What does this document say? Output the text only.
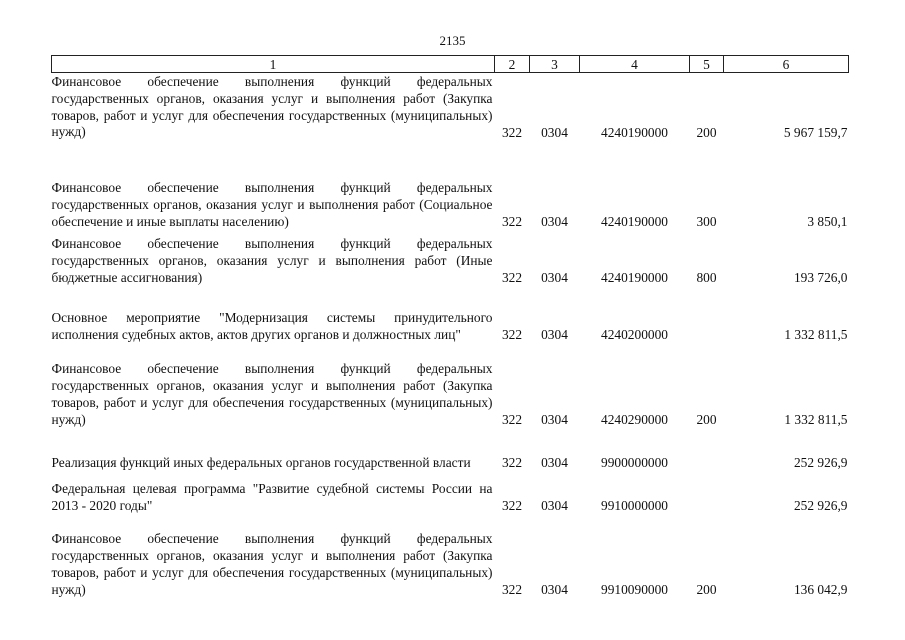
2135
1	2	3	4	5	6
Финансовое обеспечение выполнения функций федеральных государственных органов, оказания услуг и выполнения работ (Закупка товаров, работ и услуг для обеспечения государственных (муниципальных) нужд)	322	0304	4240190000	200	5 967 159,7
Финансовое обеспечение выполнения функций федеральных государственных органов, оказания услуг и выполнения работ (Социальное обеспечение и иные выплаты населению)	322	0304	4240190000	300	3 850,1
Финансовое обеспечение выполнения функций федеральных государственных органов, оказания услуг и выполнения работ (Иные бюджетные ассигнования)	322	0304	4240190000	800	193 726,0
Основное мероприятие "Модернизация системы принудительного исполнения судебных актов, актов других органов и должностных лиц"	322	0304	4240200000		1 332 811,5
Финансовое обеспечение выполнения функций федеральных государственных органов, оказания услуг и выполнения работ (Закупка товаров, работ и услуг для обеспечения государственных (муниципальных) нужд)	322	0304	4240290000	200	1 332 811,5
Реализация функций иных федеральных органов государственной власти	322	0304	9900000000		252 926,9
Федеральная целевая программа "Развитие судебной системы России на 2013 - 2020 годы"	322	0304	9910000000		252 926,9
Финансовое обеспечение выполнения функций федеральных государственных органов, оказания услуг и выполнения работ (Закупка товаров, работ и услуг для обеспечения государственных (муниципальных) нужд)	322	0304	9910090000	200	136 042,9
